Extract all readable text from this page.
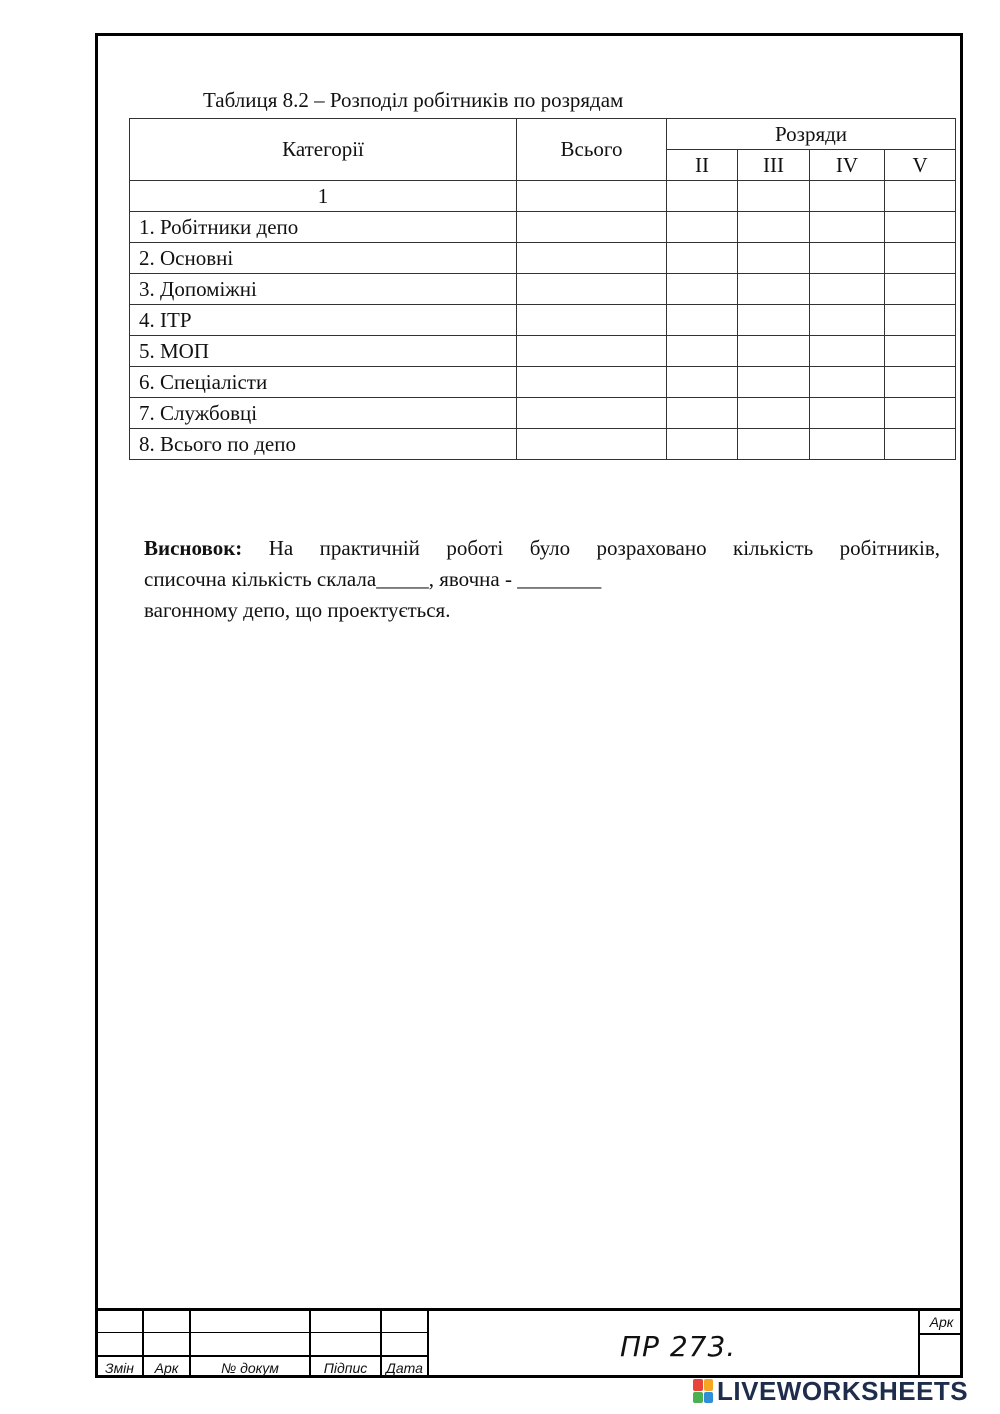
Таблиця 8.2 – Розподіл робітників по розрядам
Категорії	Всього	Розряди			
		II	III	IV	V
1					
1. Робітники депо					
2. Основні					
3. Допоміжні					
4. ІТР					
5. МОП					
6. Спеціалісти					
7. Службовці					
8. Всього по депо					
Висновок: На практичній роботі було розраховано кількість робітників,
списочна кількість склала_____, явочна - ________
вагонному депо, що проектується.
Змін	Арк	№ докум	Підпис	Дата
Арк
ПР 273.
LIVEWORKSHEETS
